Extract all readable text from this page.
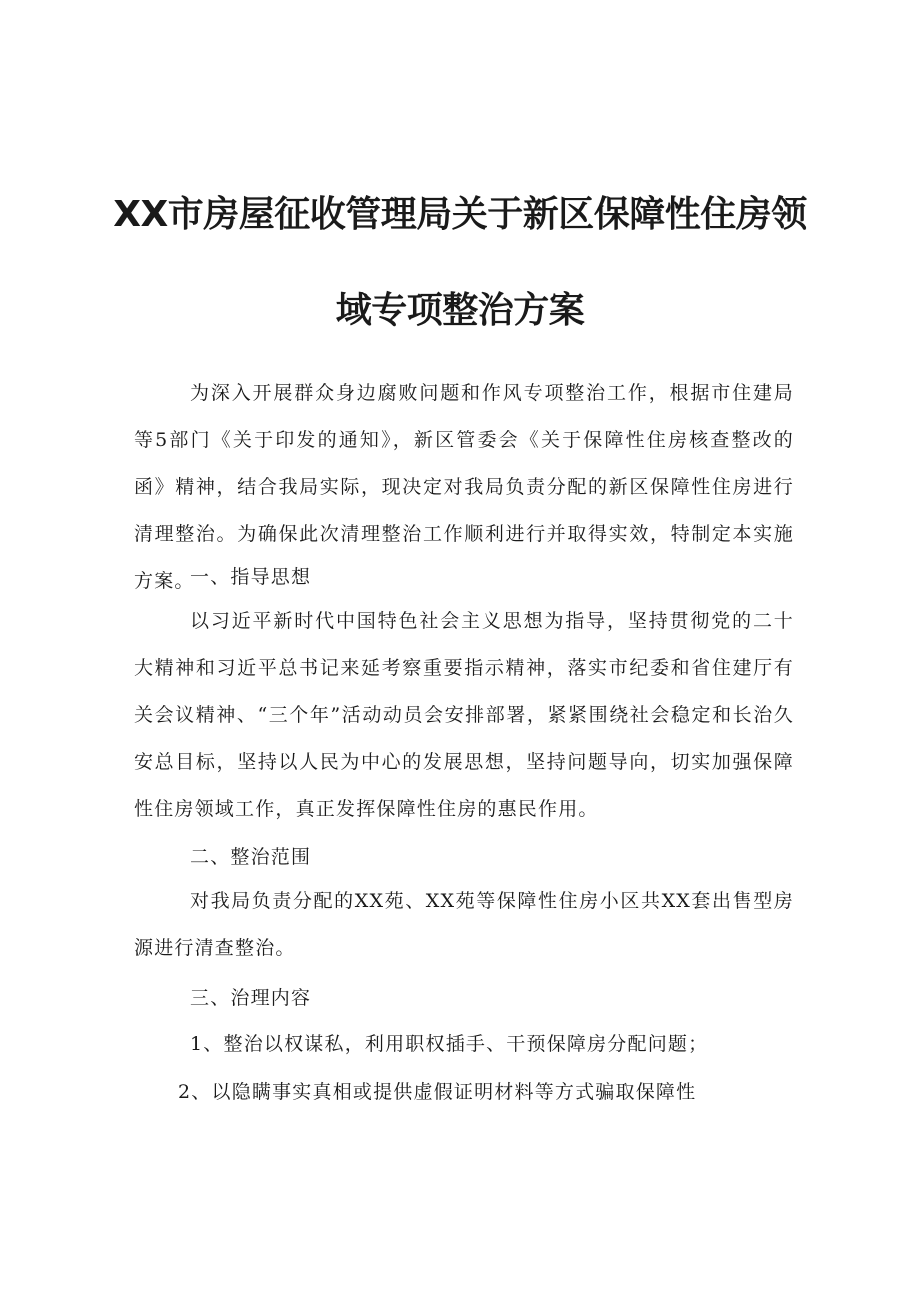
XX市房屋征收管理局关于新区保障性住房领
域专项整治方案

为深入开展群众身边腐败问题和作风专项整治工作，根据市住建局等5部门《关于印发的通知》，新区管委会《关于保障性住房核查整改的函》精神，结合我局实际，现决定对我局负责分配的新区保障性住房进行清理整治。为确保此次清理整治工作顺利进行并取得实效，特制定本实施方案。

一、指导思想

以习近平新时代中国特色社会主义思想为指导，坚持贯彻党的二十大精神和习近平总书记来延考察重要指示精神，落实市纪委和省住建厅有关会议精神、“三个年”活动动员会安排部署，紧紧围绕社会稳定和长治久安总目标，坚持以人民为中心的发展思想，坚持问题导向，切实加强保障性住房领域工作，真正发挥保障性住房的惠民作用。

二、整治范围

对我局负责分配的XX苑、XX苑等保障性住房小区共XX套出售型房源进行清查整治。

三、治理内容
1、整治以权谋私，利用职权插手、干预保障房分配问题；
2、以隐瞒事实真相或提供虚假证明材料等方式骗取保障性
